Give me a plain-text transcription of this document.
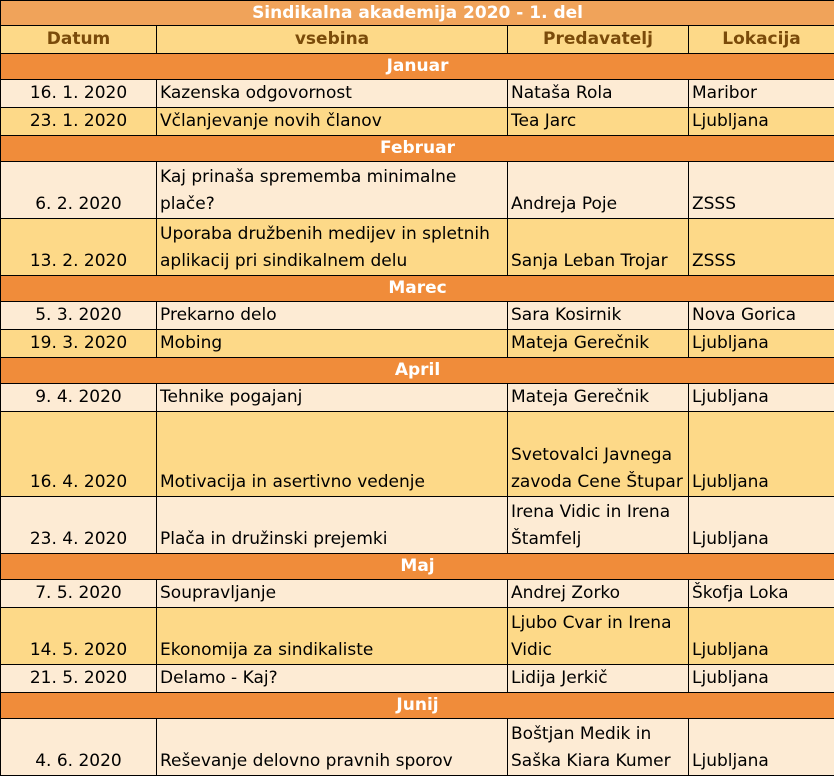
Sindikalna akademija 2020 - 1. del			
Datum	vsebina	Predavatelj	Lokacija
Januar			
16. 1. 2020	Kazenska odgovornost	Nataša Rola	Maribor
23. 1. 2020	Včlanjevanje novih članov	Tea Jarc	Ljubljana
Februar			
6. 2. 2020	Kaj prinaša sprememba minimalne plače?	Andreja Poje	ZSSS
13. 2. 2020	Uporaba družbenih medijev in spletnih aplikacij pri sindikalnem delu	Sanja Leban Trojar	ZSSS
Marec			
5. 3. 2020	Prekarno delo	Sara Kosirnik	Nova Gorica
19. 3. 2020	Mobing	Mateja Gerečnik	Ljubljana
April			
9. 4. 2020	Tehnike pogajanj	Mateja Gerečnik	Ljubljana
16. 4. 2020	Motivacija in asertivno vedenje	Svetovalci Javnega zavoda Cene Štupar	Ljubljana
23. 4. 2020	Plača in družinski prejemki	Irena Vidic in Irena Štamfelj	Ljubljana
Maj			
7. 5. 2020	Soupravljanje	Andrej Zorko	Škofja Loka
14. 5. 2020	Ekonomija za sindikaliste	Ljubo Cvar in Irena Vidic	Ljubljana
21. 5. 2020	Delamo - Kaj?	Lidija Jerkič	Ljubljana
Junij			
4. 6. 2020	Reševanje delovno pravnih sporov	Boštjan Medik in Saška Kiara Kumer	Ljubljana
